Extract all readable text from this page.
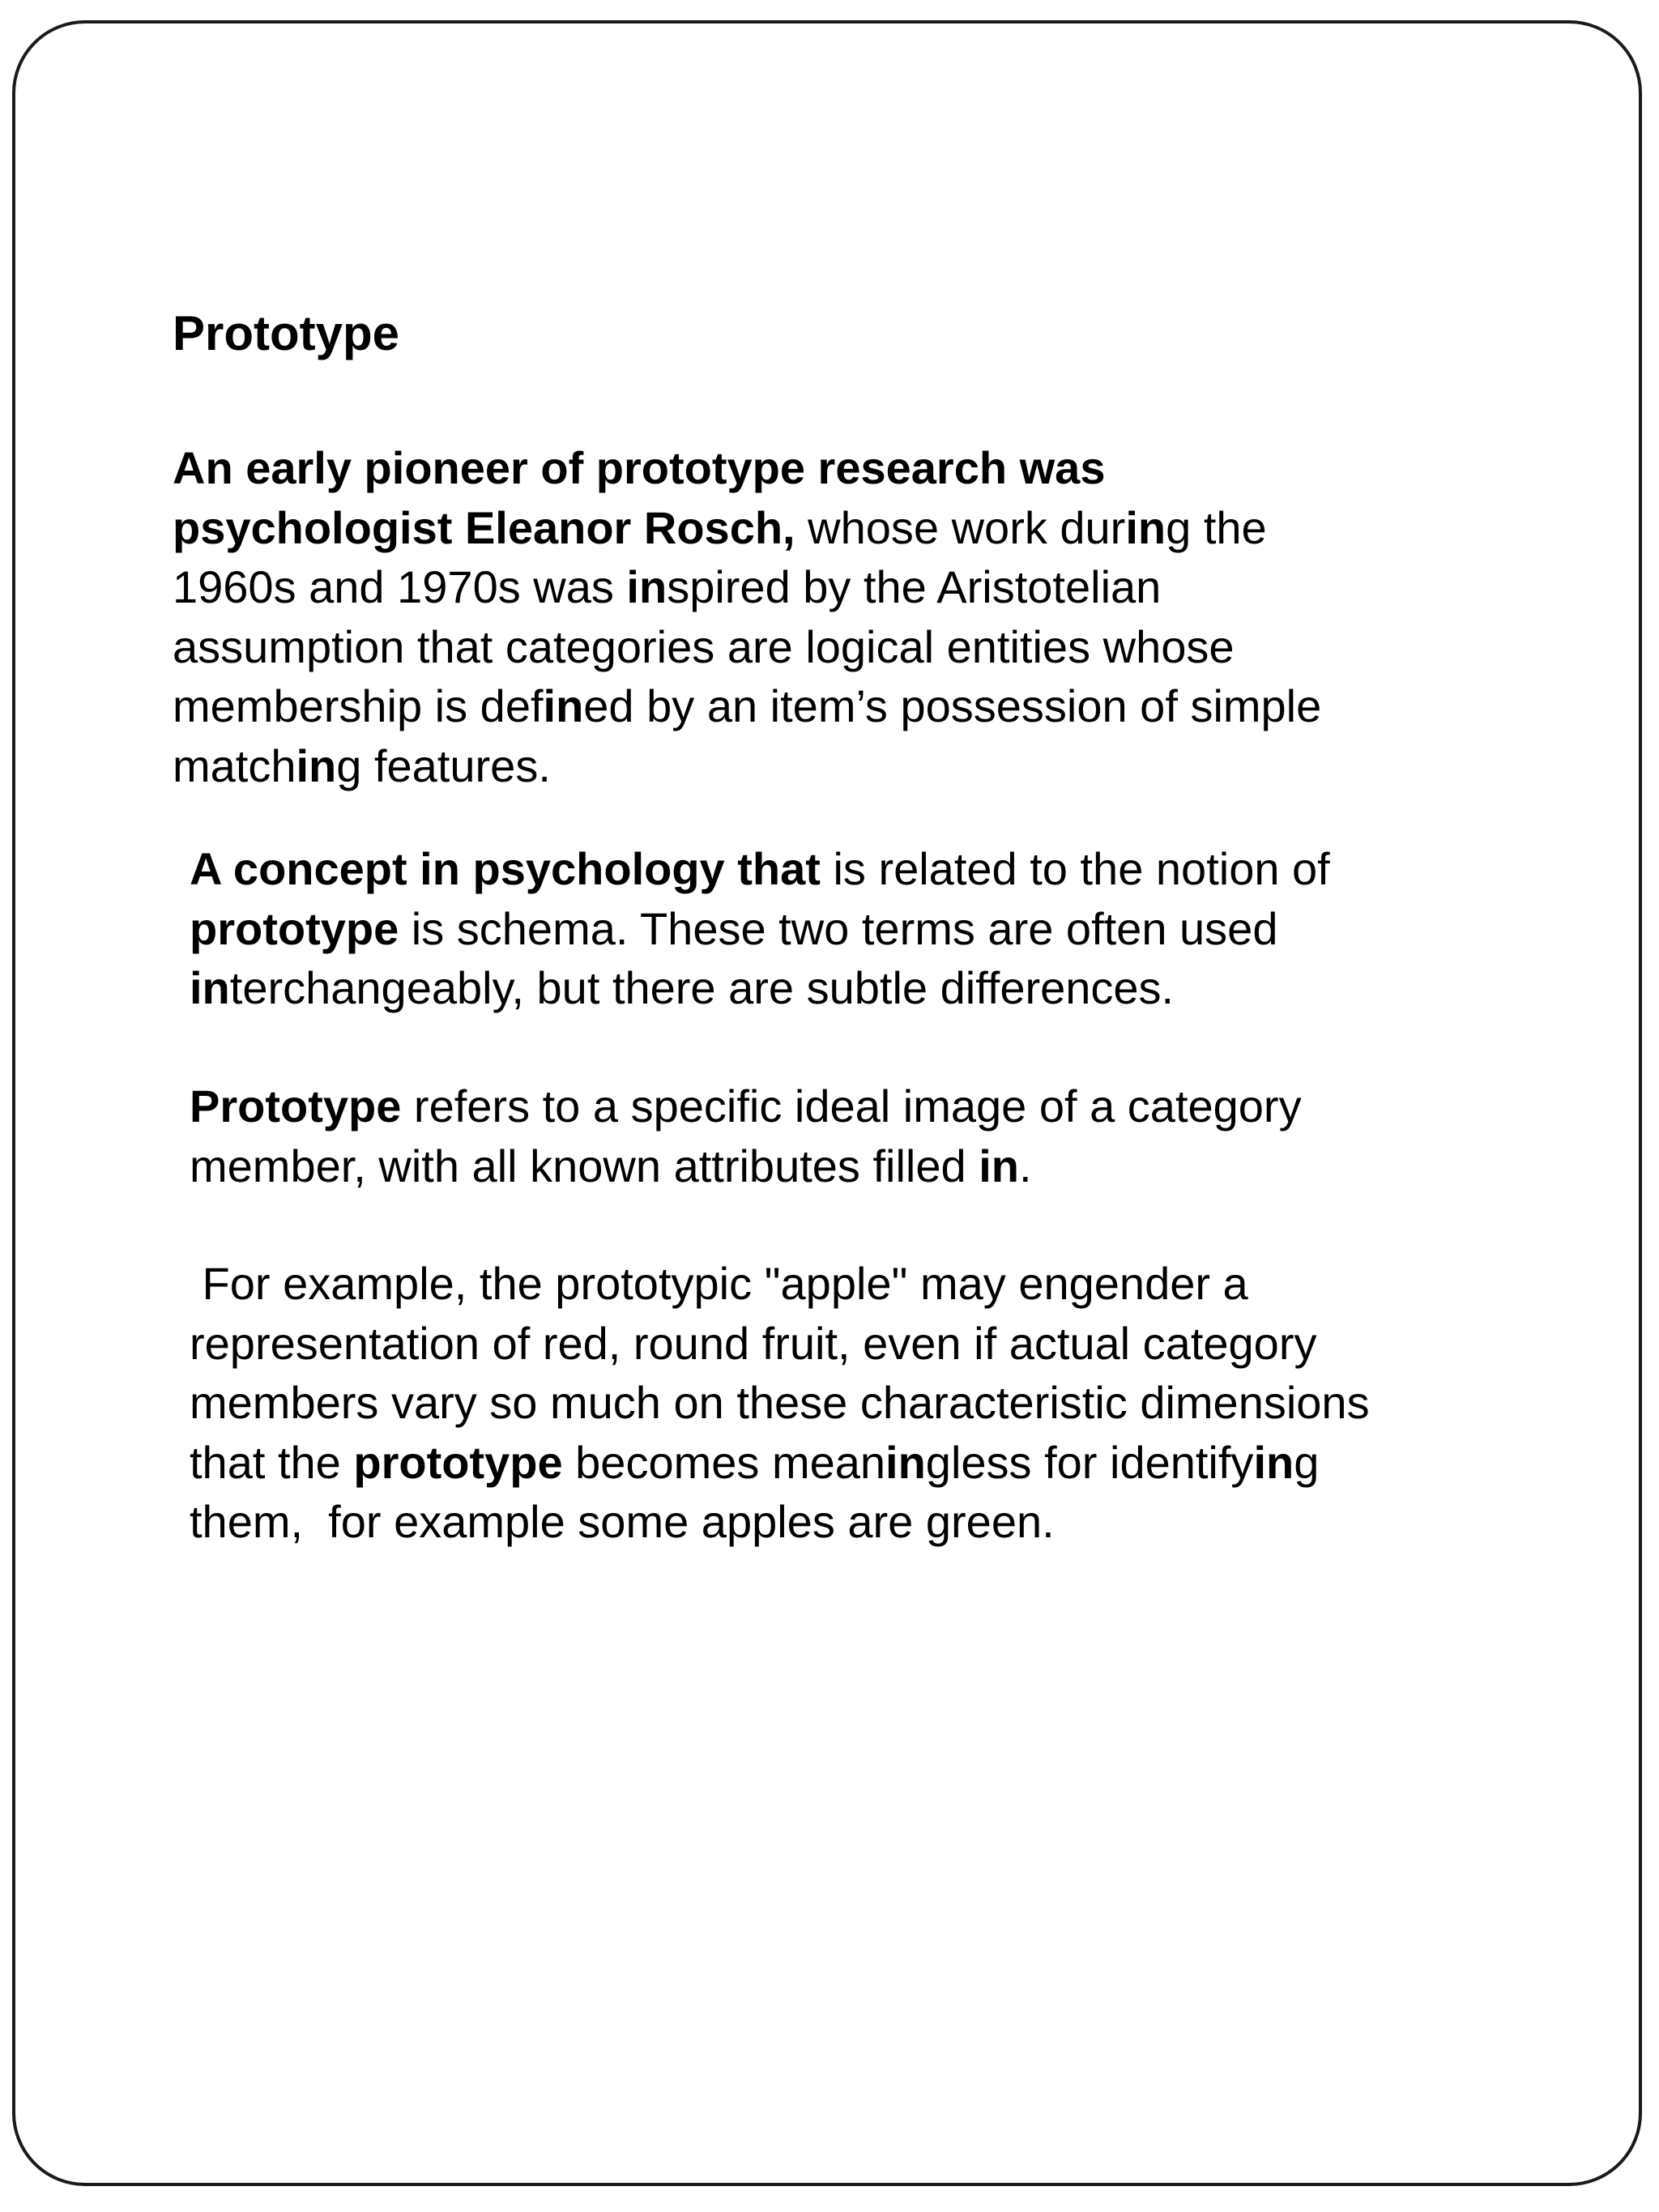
Prototype
An early pioneer of prototype research was
psychologist Eleanor Rosch, whose work during the
1960s and 1970s was inspired by the Aristotelian
assumption that categories are logical entities whose
membership is defined by an item’s possession of simple
matching features.
A concept in psychology that is related to the notion of
prototype is schema. These two terms are often used
interchangeably, but there are subtle differences.
Prototype refers to a specific ideal image of a category
member, with all known attributes filled in.
For example, the prototypic "apple" may engender a
representation of red, round fruit, even if actual category
members vary so much on these characteristic dimensions
that the prototype becomes meaningless for identifying
them,  for example some apples are green.
